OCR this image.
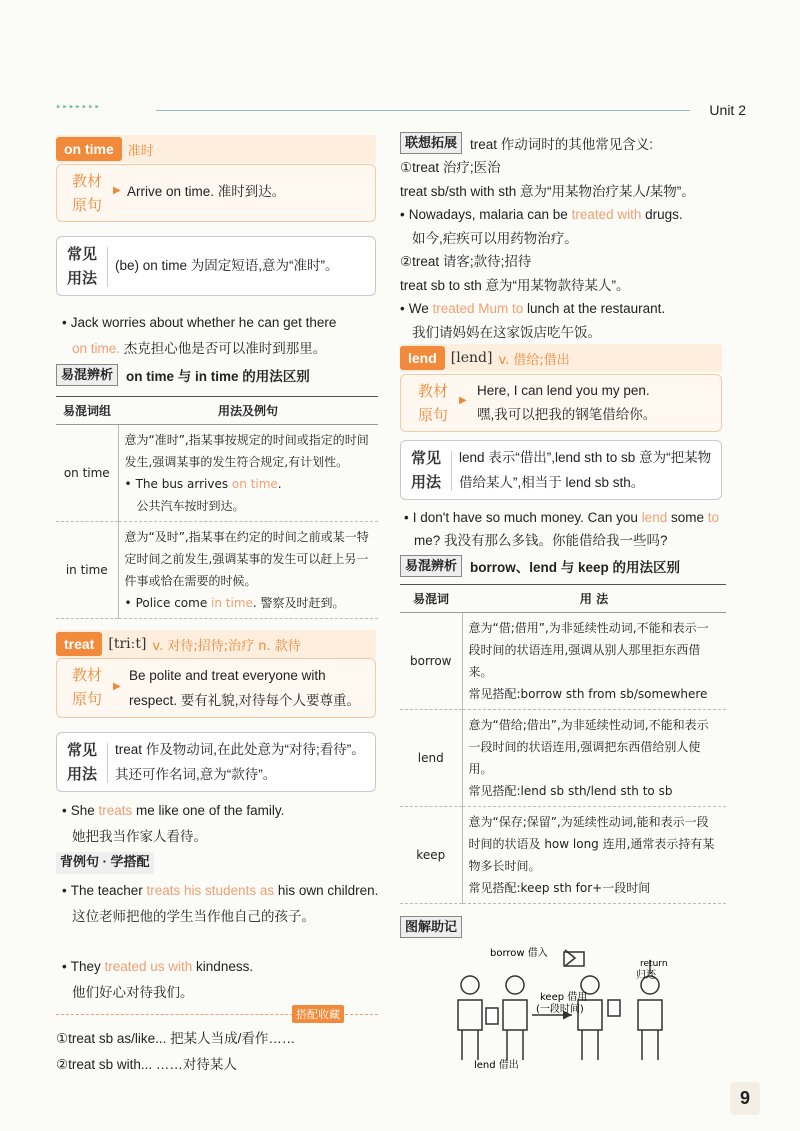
▸▸▸▸▸▸▸	Unit 2
on time	准时
教材
原句
▶ Arrive on time. 准时到达。
常见
用法
(be) on time 为固定短语,意为“准时”。
• Jack worries about whether he can get there
on time. 杰克担心他是否可以准时到那里。
易混辨析 on time 与 in time 的用法区别
易混词组	用法及例句
on time	意为“准时”,指某事按规定的时间或指定的时间发生,强调某事的发生符合规定,有计划性。
• The bus arrives on time.
公共汽车按时到达。

in time	意为“及时”,指某事在约定的时间之前或某一特定时间之前发生,强调某事的发生可以赶上另一件事或恰在需要的时候。
• Police come in time. 警察及时赶到。
treat	[triːt] v. 对待;招待;治疗 n. 款待
教材
原句
▶
Be polite and treat everyone with respect. 要有礼貌,对待每个人要尊重。
常见
用法
treat 作及物动词,在此处意为“对待;看待”。其还可作名词,意为“款待”。
• She treats me like one of the family.
她把我当作家人看待。
背例句 · 学搭配
• The teacher treats his students as his own children. 这位老师把他的学生当作他自己的孩子。
• They treated us with kindness.
他们好心对待我们。
搭配收藏
①treat sb as/like... 把某人当成/看作……
②treat sb with... ……对待某人
联想拓展 treat 作动词时的其他常见含义:
①treat 治疗;医治
treat sb/sth with sth 意为“用某物治疗某人/某物”。
• Nowadays, malaria can be treated with drugs.
如今,疟疾可以用药物治疗。
②treat 请客;款待;招待
treat sb to sth 意为“用某物款待某人”。
• We treated Mum to lunch at the restaurant.
我们请妈妈在这家饭店吃午饭。
lend	[lend] v. 借给;借出
教材
原句
▶
Here, I can lend you my pen.
嘿,我可以把我的钢笔借给你。
常见
用法
lend 表示“借出”,lend sth to sb 意为“把某物借给某人”,相当于 lend sb sth。
• I don't have so much money. Can you lend some to me? 我没有那么多钱。你能借给我一些吗?
易混辨析 borrow、lend 与 keep 的用法区别
易混词	用 法
borrow	意为“借;借用”,为非延续性动词,不能和表示一段时间的状语连用,强调从别人那里拒东西借来。
常见搭配:borrow sth from sb/somewhere

lend	意为“借给;借出”,为非延续性动词,不能和表示一段时间的状语连用,强调把东西借给别人使用。
常见搭配:lend sb sth/lend sth to sb

keep	意为“保存;保留”,为延续性动词,能和表示一段时间的状语及 how long 连用,通常表示持有某物多长时间。
常见搭配:keep sth for+一段时间
图解助记
borrow 借入
return
归还
keep 借用
(一段时间)
lend 借出
9
